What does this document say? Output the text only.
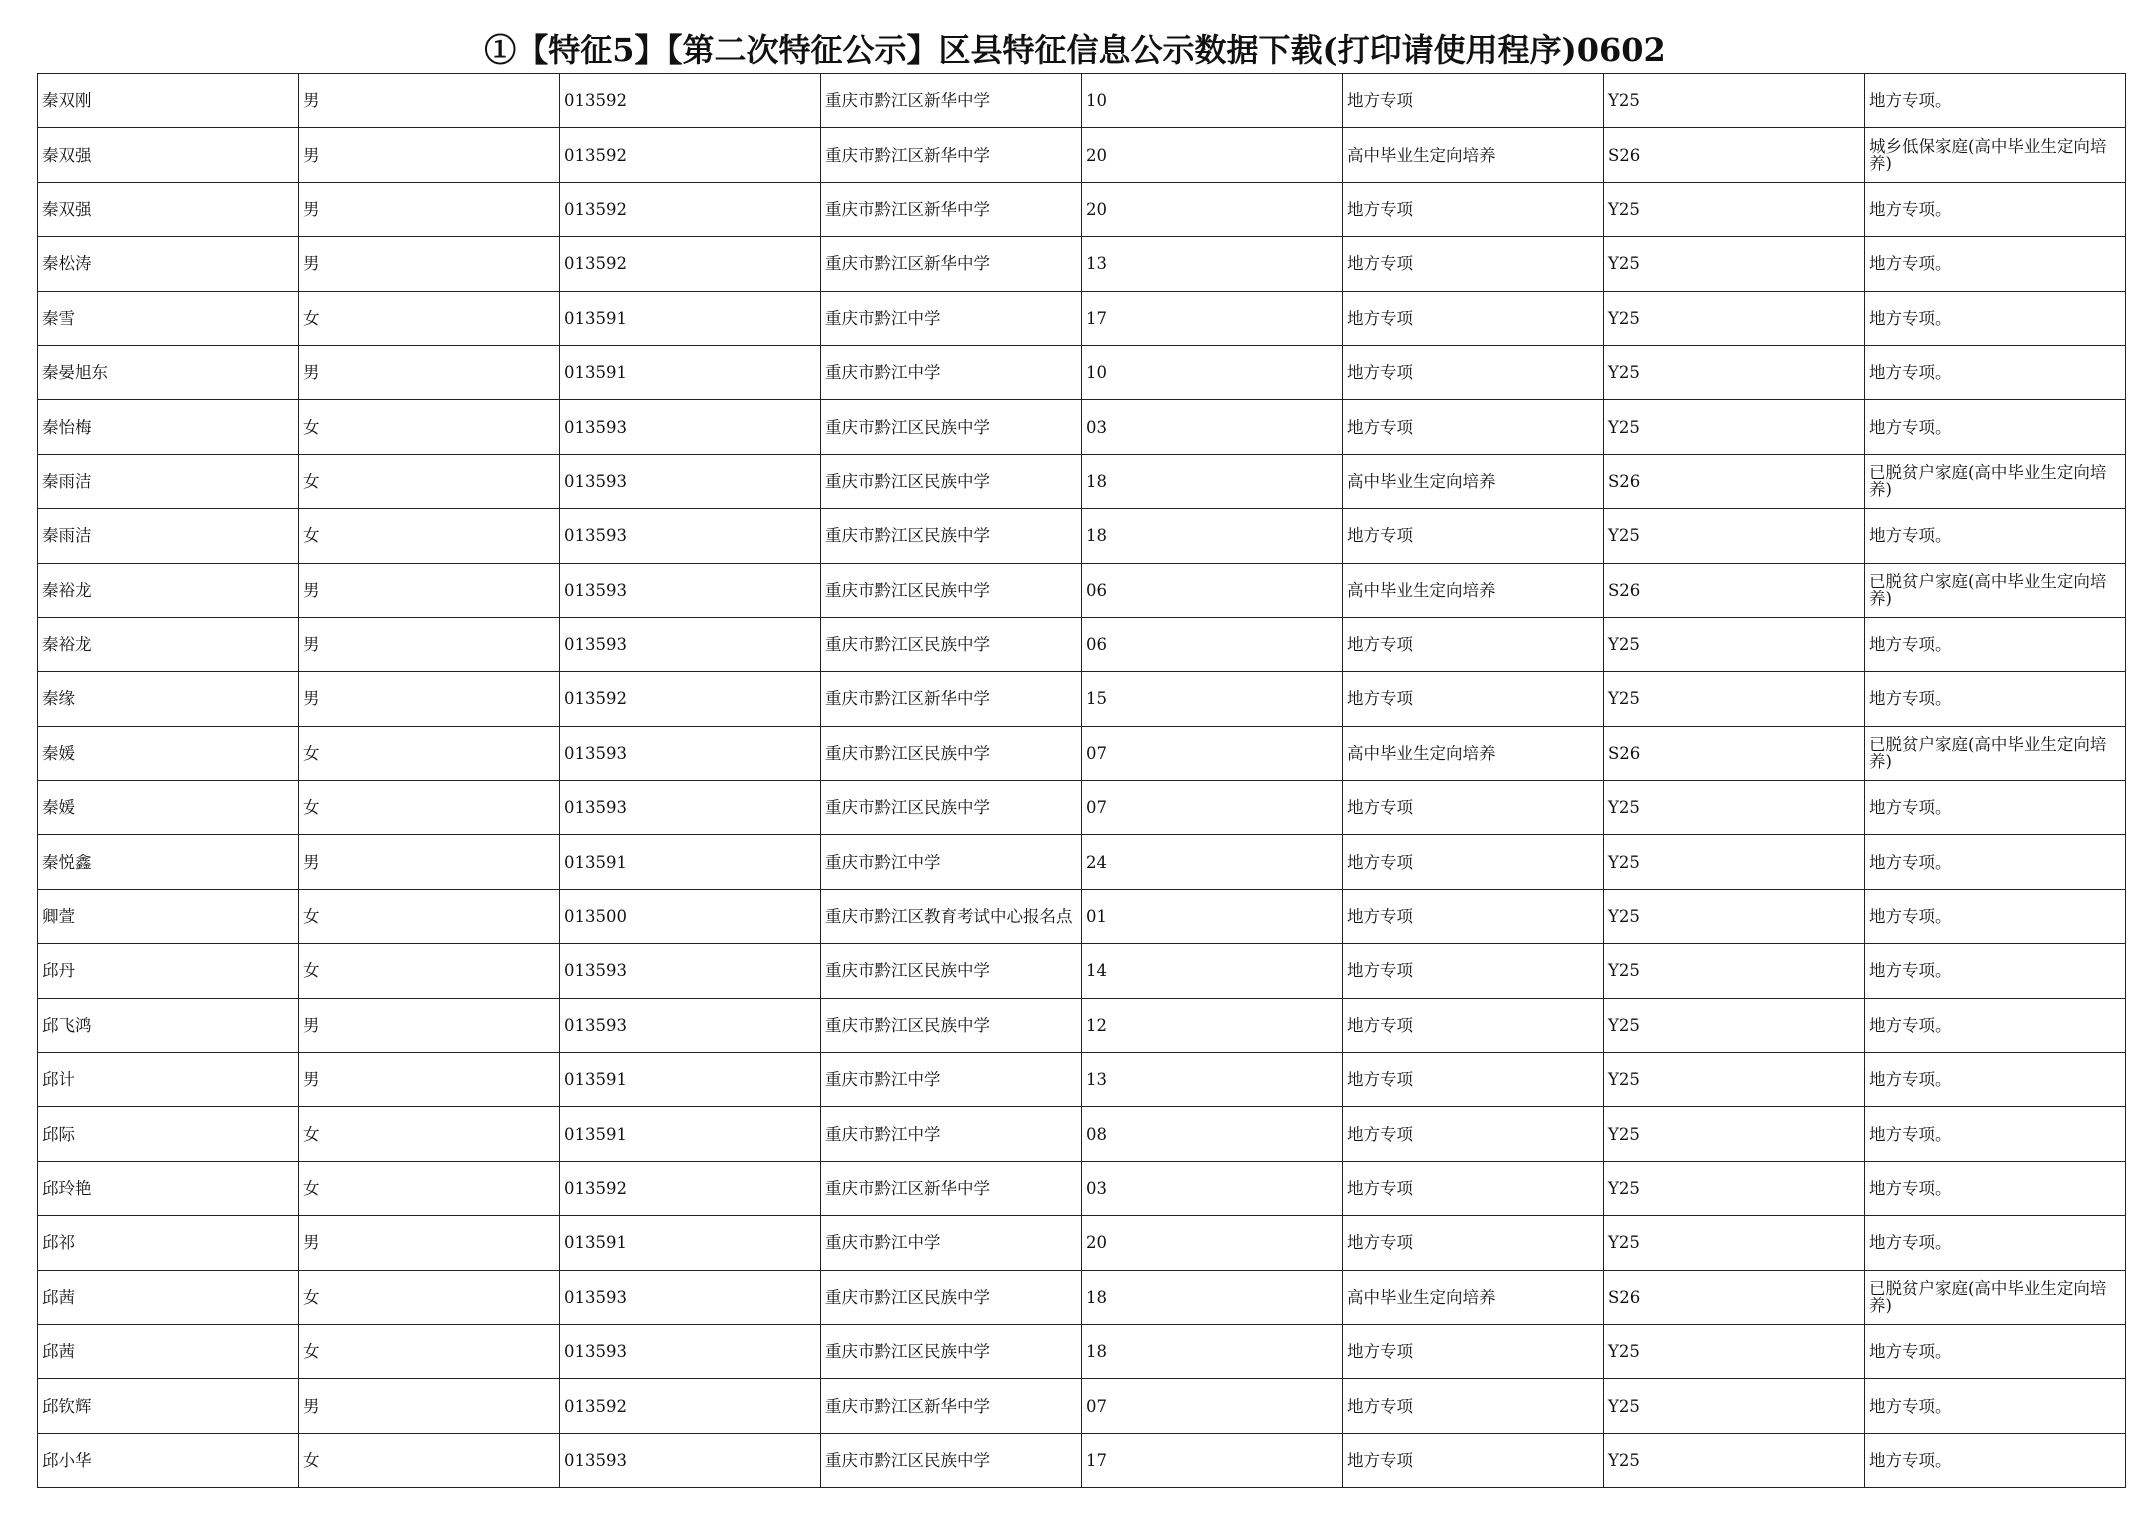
①【特征5】【第二次特征公示】区县特征信息公示数据下载(打印请使用程序)0602
秦双刚	男	013592	重庆市黔江区新华中学	10	地方专项	Y25	地方专项。
秦双强	男	013592	重庆市黔江区新华中学	20	高中毕业生定向培养	S26	城乡低保家庭(高中毕业生定向培养)
秦双强	男	013592	重庆市黔江区新华中学	20	地方专项	Y25	地方专项。
秦松涛	男	013592	重庆市黔江区新华中学	13	地方专项	Y25	地方专项。
秦雪	女	013591	重庆市黔江中学	17	地方专项	Y25	地方专项。
秦晏旭东	男	013591	重庆市黔江中学	10	地方专项	Y25	地方专项。
秦怡梅	女	013593	重庆市黔江区民族中学	03	地方专项	Y25	地方专项。
秦雨洁	女	013593	重庆市黔江区民族中学	18	高中毕业生定向培养	S26	已脱贫户家庭(高中毕业生定向培养)
秦雨洁	女	013593	重庆市黔江区民族中学	18	地方专项	Y25	地方专项。
秦裕龙	男	013593	重庆市黔江区民族中学	06	高中毕业生定向培养	S26	已脱贫户家庭(高中毕业生定向培养)
秦裕龙	男	013593	重庆市黔江区民族中学	06	地方专项	Y25	地方专项。
秦缘	男	013592	重庆市黔江区新华中学	15	地方专项	Y25	地方专项。
秦媛	女	013593	重庆市黔江区民族中学	07	高中毕业生定向培养	S26	已脱贫户家庭(高中毕业生定向培养)
秦媛	女	013593	重庆市黔江区民族中学	07	地方专项	Y25	地方专项。
秦悦鑫	男	013591	重庆市黔江中学	24	地方专项	Y25	地方专项。
卿萱	女	013500	重庆市黔江区教育考试中心报名点	01	地方专项	Y25	地方专项。
邱丹	女	013593	重庆市黔江区民族中学	14	地方专项	Y25	地方专项。
邱飞鸿	男	013593	重庆市黔江区民族中学	12	地方专项	Y25	地方专项。
邱计	男	013591	重庆市黔江中学	13	地方专项	Y25	地方专项。
邱际	女	013591	重庆市黔江中学	08	地方专项	Y25	地方专项。
邱玲艳	女	013592	重庆市黔江区新华中学	03	地方专项	Y25	地方专项。
邱祁	男	013591	重庆市黔江中学	20	地方专项	Y25	地方专项。
邱茜	女	013593	重庆市黔江区民族中学	18	高中毕业生定向培养	S26	已脱贫户家庭(高中毕业生定向培养)
邱茜	女	013593	重庆市黔江区民族中学	18	地方专项	Y25	地方专项。
邱钦辉	男	013592	重庆市黔江区新华中学	07	地方专项	Y25	地方专项。
邱小华	女	013593	重庆市黔江区民族中学	17	地方专项	Y25	地方专项。
